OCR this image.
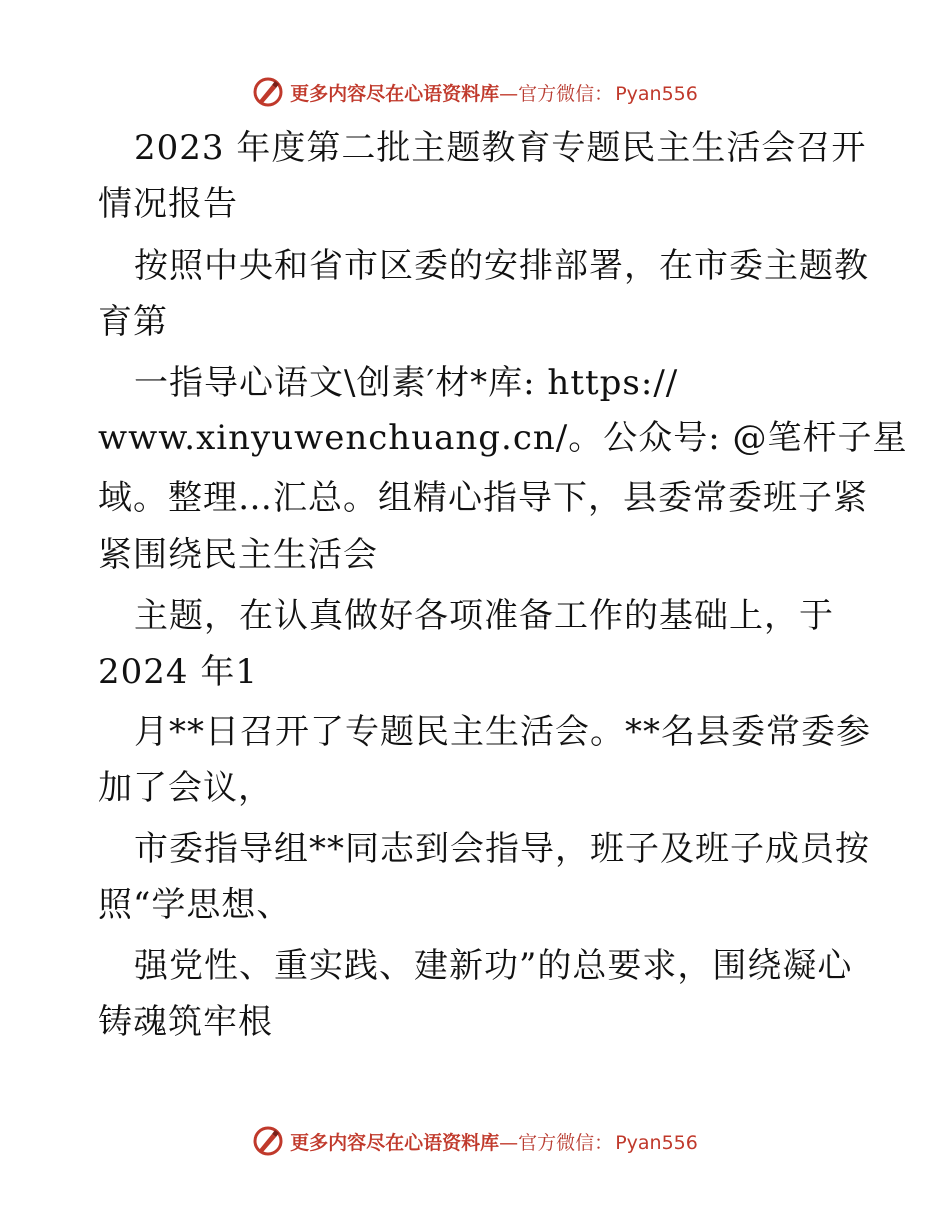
更多内容尽在心语资料库—官方微信： Pyan556
2023 年度第二批主题教育专题民主生活会召开
情况报告
按照中央和省市区委的安排部署，在市委主题教
育第
一指导心语文\创素′材*库: https://
www.xinyuwenchuang.cn/。公众号: @笔杆子星
域。整理…汇总。组精心指导下，县委常委班子紧
紧围绕民主生活会
主题，在认真做好各项准备工作的基础上，于
2024 年1
月**日召开了专题民主生活会。**名县委常委参
加了会议，
市委指导组**同志到会指导，班子及班子成员按
照“学思想、
强党性、重实践、建新功”的总要求，围绕凝心
铸魂筑牢根
更多内容尽在心语资料库—官方微信： Pyan556
